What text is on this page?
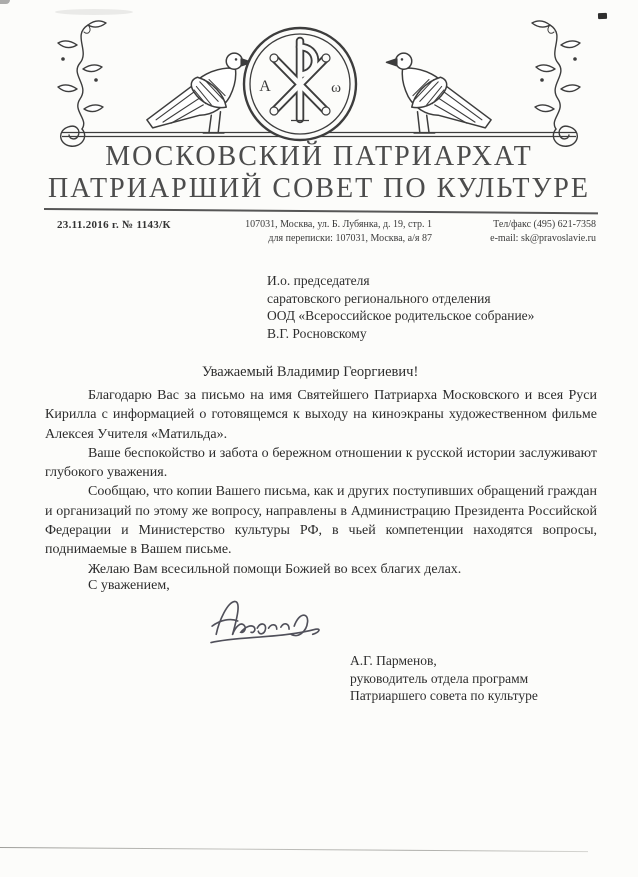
А	ω
МОСКОВСКИЙ ПАТРИАРХАТ
ПАТРИАРШИЙ СОВЕТ ПО КУЛЬТУРЕ
23.11.2016 г. № 1143/К	107031, Москва, ул. Б. Лубянка, д. 19, стр. 1
для переписки: 107031, Москва, а/я 87
Тел/факс (495) 621-7358
e-mail: sk@pravoslavie.ru
И.о. председателя
саратовского регионального отделения
ООД «Всероссийское родительское собрание»
В.Г. Росновскому
Уважаемый Владимир Георгиевич!

Благодарю Вас за письмо на имя Святейшего Патриарха Московского и всея Руси Кирилла с информацией о готовящемся к выходу на киноэкраны художественном фильме Алексея Учителя «Матильда».

Ваше беспокойство и забота о бережном отношении к русской истории заслуживают глубокого уважения.

Сообщаю, что копии Вашего письма, как и других поступивших обращений граждан и организаций по этому же вопросу, направлены в Администрацию Президента Российской Федерации и Министерство культуры РФ, в чьей компетенции находятся вопросы, поднимаемые в Вашем письме.

Желаю Вам всесильной помощи Божией во всех благих делах.

С уважением,
А.Г. Парменов,
руководитель отдела программ
Патриаршего совета по культуре
